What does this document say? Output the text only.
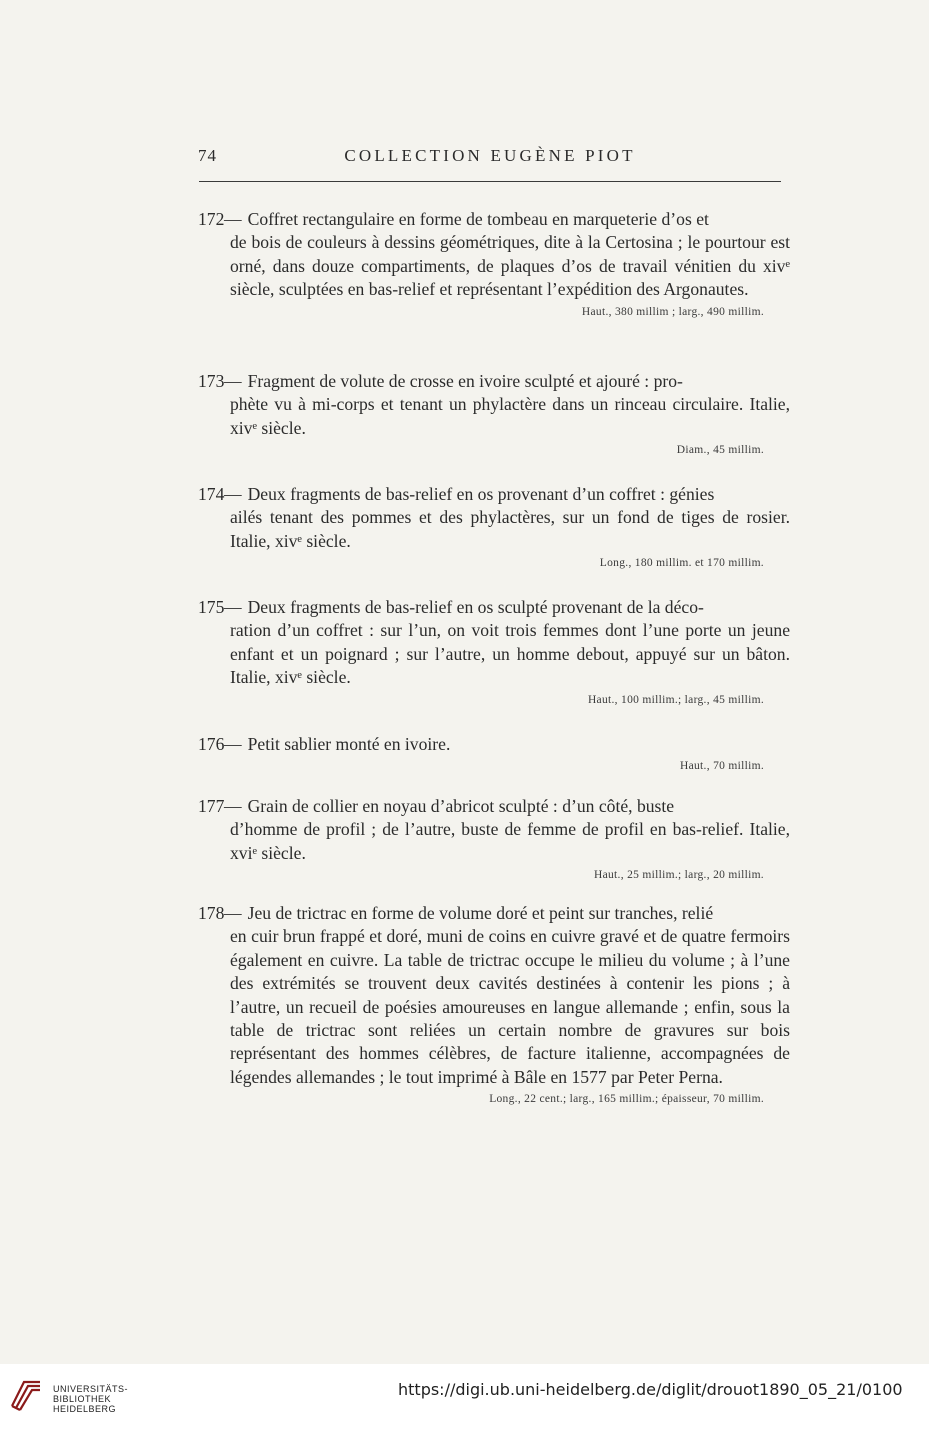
74	COLLECTION EUGÈNE PIOT

172— Coffret rectangulaire en forme de tombeau en marqueterie d’os et
de bois de couleurs à dessins géométriques, dite à la Certosina ; le pourtour est orné, dans douze compartiments, de plaques d’os de travail vénitien du xivᵉ siècle, sculptées en bas-relief et représentant l’expédition des Argonautes.

Haut., 380 millim ; larg., 490 millim.

173— Fragment de volute de crosse en ivoire sculpté et ajouré : pro-
phète vu à mi-corps et tenant un phylactère dans un rinceau circulaire. Italie, xivᵉ siècle.

Diam., 45 millim.

174— Deux fragments de bas-relief en os provenant d’un coffret : génies
ailés tenant des pommes et des phylactères, sur un fond de tiges de rosier. Italie, xivᵉ siècle.

Long., 180 millim. et 170 millim.

175— Deux fragments de bas-relief en os sculpté provenant de la déco-
ration d’un coffret : sur l’un, on voit trois femmes dont l’une porte un jeune enfant et un poignard ; sur l’autre, un homme debout, appuyé sur un bâton. Italie, xivᵉ siècle.

Haut., 100 millim.; larg., 45 millim.

176— Petit sablier monté en ivoire.

Haut., 70 millim.

177— Grain de collier en noyau d’abricot sculpté : d’un côté, buste
d’homme de profil ; de l’autre, buste de femme de profil en bas-relief. Italie, xviᵉ siècle.

Haut., 25 millim.; larg., 20 millim.

178— Jeu de trictrac en forme de volume doré et peint sur tranches, relié
en cuir brun frappé et doré, muni de coins en cuivre gravé et de quatre fermoirs également en cuivre. La table de trictrac occupe le milieu du volume ; à l’une des extrémités se trouvent deux cavités destinées à contenir les pions ; à l’autre, un recueil de poésies amoureuses en langue allemande ; enfin, sous la table de trictrac sont reliées un certain nombre de gravures sur bois représentant des hommes célèbres, de facture italienne, accompagnées de légendes allemandes ; le tout imprimé à Bâle en 1577 par Peter Perna.

Long., 22 cent.; larg., 165 millim.; épaisseur, 70 millim.
UNIVERSITÄTS-
BIBLIOTHEK
HEIDELBERG
https://digi.ub.uni-heidelberg.de/diglit/drouot1890_05_21/0100
